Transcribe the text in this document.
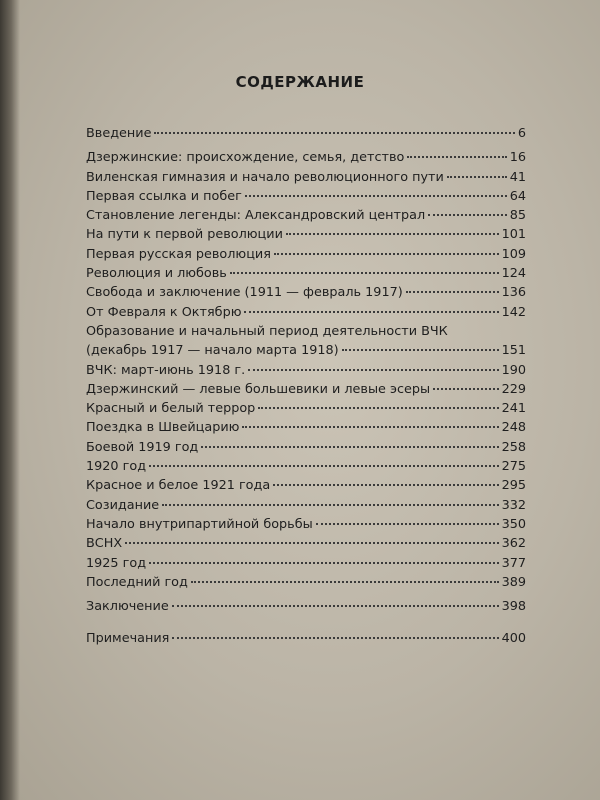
СОДЕРЖАНИЕ
Введение	6
Дзержинские: происхождение, семья, детство	16
Виленская гимназия и начало революционного пути	41
Первая ссылка и побег	64
Становление легенды: Александровский централ	85
На пути к первой революции	101
Первая русская революция	109
Революция и любовь	124
Свобода и заключение (1911 — февраль 1917)	136
От Февраля к Октябрю	142
Образование и начальный период деятельности ВЧК
(декабрь 1917 — начало марта 1918)	151
ВЧК: март-июнь 1918 г.	190
Дзержинский — левые большевики и левые эсеры	229
Красный и белый террор	241
Поездка в Швейцарию	248
Боевой 1919 год	258
1920 год	275
Красное и белое 1921 года	295
Созидание	332
Начало внутрипартийной борьбы	350
ВСНХ	362
1925 год	377
Последний год	389
Заключение	398
Примечания	400
